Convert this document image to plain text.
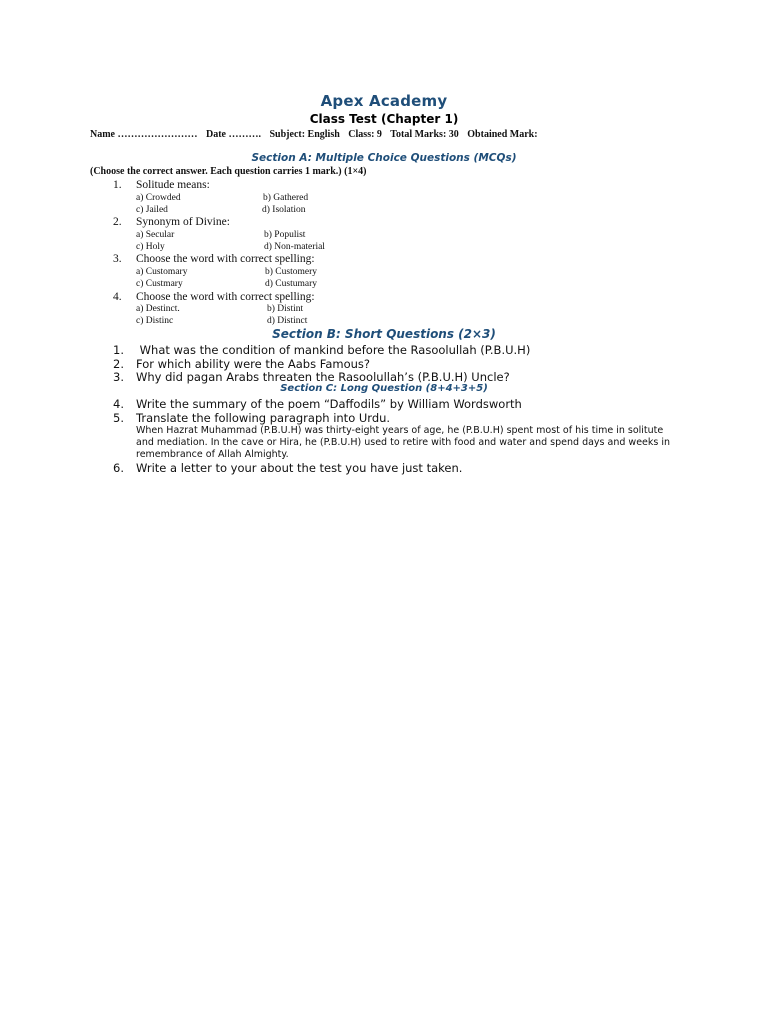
Apex Academy
Class Test (Chapter 1)
Name …………………… Date ………. Subject: English Class: 9 Total Marks: 30 Obtained Mark:
Section A: Multiple Choice Questions (MCQs)
(Choose the correct answer. Each question carries 1 mark.) (1×4)
1. Solitude means:
a) Crowded	b) Gathered
c) Jailed	d) Isolation
2. Synonym of Divine:
a) Secular	b) Populist
c) Holy	d) Non-material
3. Choose the word with correct spelling:
a) Customary	b) Customery
c) Custmary	d) Custumary
4. Choose the word with correct spelling:
a) Destinct.	b) Distint
c) Distinc	d) Distinct
Section B: Short Questions (2×3)
1. What was the condition of mankind before the Rasoolullah (P.B.U.H)
2. For which ability were the Aabs Famous?
3. Why did pagan Arabs threaten the Rasoolullah’s (P.B.U.H) Uncle?
Section C: Long Question (8+4+3+5)
4. Write the summary of the poem “Daffodils” by William Wordsworth
5. Translate the following paragraph into Urdu.
When Hazrat Muhammad (P.B.U.H) was thirty-eight years of age, he (P.B.U.H) spent most of his time in solitute and mediation. In the cave or Hira, he (P.B.U.H) used to retire with food and water and spend days and weeks in remembrance of Allah Almighty.
6. Write a letter to your about the test you have just taken.
